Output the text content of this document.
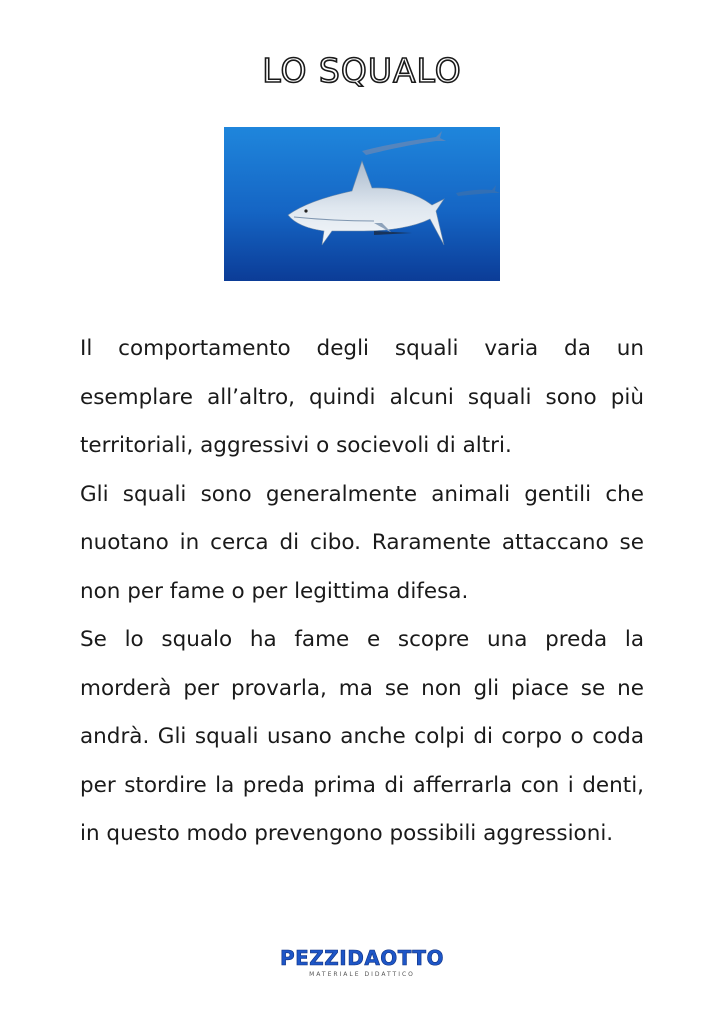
LO SQUALO

Il comportamento degli squali varia da un esemplare all’altro, quindi alcuni squali sono più territoriali, aggressivi o socievoli di altri.

Gli squali sono generalmente animali gentili che nuotano in cerca di cibo. Raramente attaccano se non per fame o per legittima difesa.

Se lo squalo ha fame e scopre una preda la morderà per provarla, ma se non gli piace se ne andrà. Gli squali usano anche colpi di corpo o coda per stordire la preda prima di afferrarla con i denti, in questo modo prevengono possibili aggressioni.

PEZZIDAOTTO
MATERIALE DIDATTICO
